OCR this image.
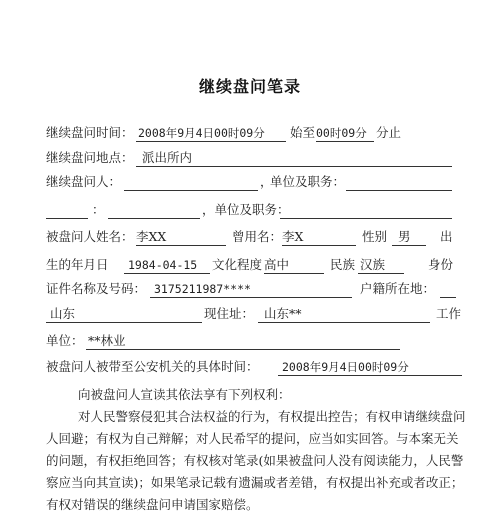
继续盘问笔录
继续盘问时间： 2008年9月4日00时09分	始至 00时09分 分止
继续盘问地点： 派出所内
继续盘问人：	，
单位及职务：
：	，单位及职务：
被盘问人姓名： 李XX	曾用名： 李X	性别 男	出
生的年月日	1984-04-15	文化程度 高中	民族 汉族	身份
证件名称及号码： 3175211987****	户籍所在地：
山东	现住址： 山东**	工作
单位： **林业
被盘问人被带至公安机关的具体时间：	2008年9月4日00时09分
向被盘问人宣读其依法享有下列权利：
对人民警察侵犯其合法权益的行为，有权提出控告；有权申请继续盘问人回避；有权为自己辩解；对人民希罕的提问，应当如实回答。与本案无关的问题，有权拒绝回答；有权核对笔录(如果被盘问人没有阅读能力，人民警察应当向其宣读)；如果笔录记载有遗漏或者差错，有权提出补充或者改正；有权对错误的继续盘问申请国家赔偿。
